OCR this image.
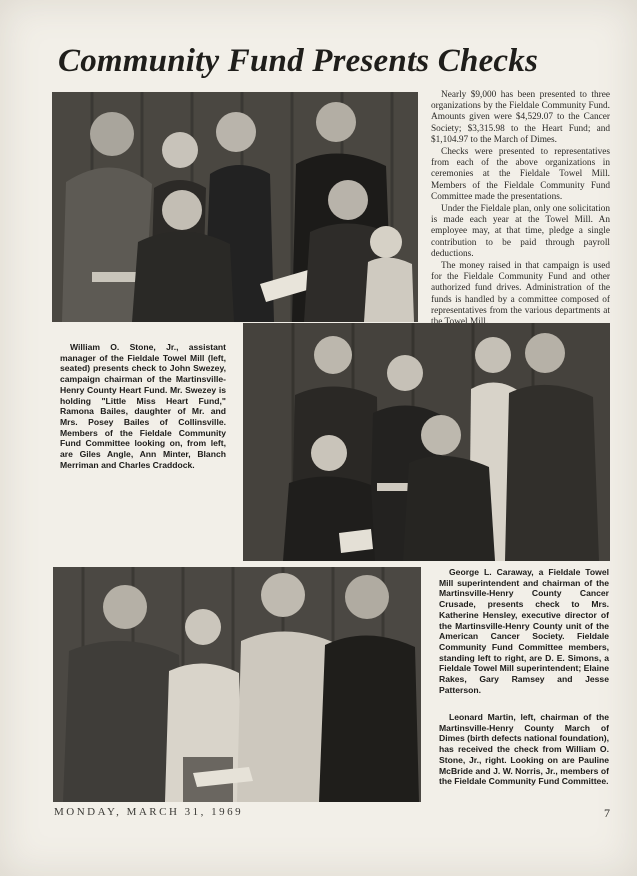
Community Fund Presents Checks

Nearly $9,000 has been presented to three organizations by the Fieldale Community Fund. Amounts given were $4,529.07 to the Cancer Society; $3,315.98 to the Heart Fund; and $1,104.97 to the March of Dimes.

Checks were presented to representatives from each of the above organizations in ceremonies at the Fieldale Towel Mill. Members of the Fieldale Community Fund Committee made the presentations.

Under the Fieldale plan, only one solicitation is made each year at the Towel Mill. An employee may, at that time, pledge a single contribution to be paid through payroll deductions.

The money raised in that campaign is used for the Fieldale Community Fund and other authorized fund drives. Administration of the funds is handled by a committee composed of representatives from the various departments at

William O. Stone, Jr., assistant manager of the Fieldale Towel Mill (left, seated) presents check to John Swezey, campaign chairman of the Martinsville-Henry County Heart Fund. Mr. Swezey is holding "Little Miss Heart Fund," Ramona Bailes, daughter of Mr. and Mrs. Posey Bailes of Collinsville. Members of the Fieldale Community Fund Committee looking on, from left, are Giles Angle, Ann Minter, Blanch Merriman and Charles Craddock.

George L. Caraway, a Fieldale Towel Mill superintendent and chairman of the Martinsville-Henry County Cancer Crusade, presents check to Mrs. Katherine Hensley, executive director of the Martinsville-Henry County unit of the American Cancer Society. Fieldale Community Fund Committee members, standing left to right, are D. E. Simons, a Fieldale Towel Mill superintendent; Elaine Rakes, Gary Ramsey and Jesse Patterson.

Leonard Martin, left, chairman of the Martinsville-Henry County March of Dimes (birth defects national foundation), has received the check from William O. Stone, Jr., right. Looking on are Pauline McBride and J. W. Norris, Jr., members of the Fieldale Community Fund Committee.

MONDAY, MARCH 31, 1969	7
